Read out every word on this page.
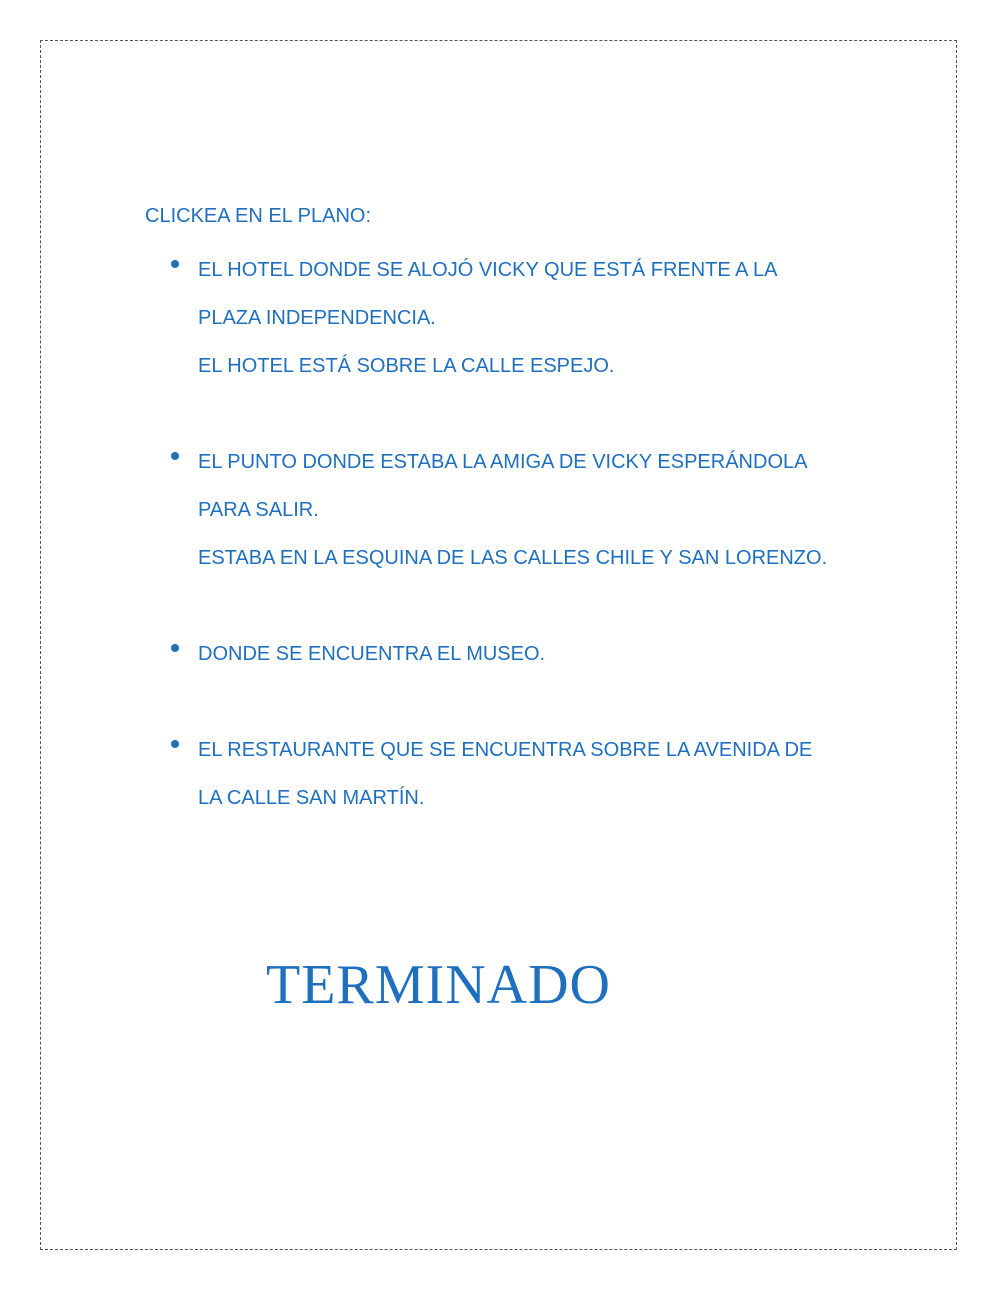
CLICKEA EN EL PLANO:

EL HOTEL DONDE SE ALOJÓ VICKY QUE ESTÁ FRENTE A LA
PLAZA INDEPENDENCIA.
EL HOTEL ESTÁ SOBRE LA CALLE ESPEJO.
EL PUNTO DONDE ESTABA LA AMIGA DE VICKY ESPERÁNDOLA
PARA SALIR.
ESTABA EN LA ESQUINA DE LAS CALLES CHILE Y SAN LORENZO.
DONDE SE ENCUENTRA EL MUSEO.
EL RESTAURANTE QUE SE ENCUENTRA SOBRE LA AVENIDA DE
LA CALLE SAN MARTÍN.
TERMINADO
